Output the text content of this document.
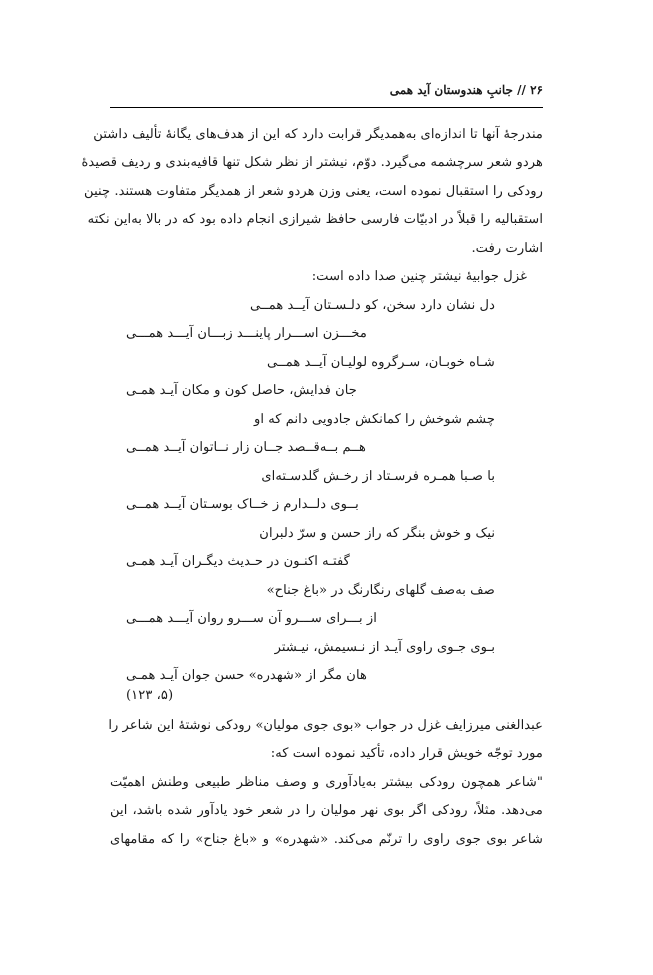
۲۶ // جانبِ هندوستان آید همی
مندرجهٔ آنها تا اندازه‌ای به‌همدیگر قرابت دارد که این از هدف‌های یگانهٔ تألیف داشتن
هردو شعر سرچشمه می‌گیرد. دوّم، نیشتر از نظر شکل تنها قافیه‌بندی و ردیف قصیدهٔ
رودکی را استقبال نموده است، یعنی وزن هردو شعر از همدیگر متفاوت هستند. چنین
استقبالیه را قبلاً در ادبیّات فارسی حافظ شیرازی انجام داده بود که در بالا به‌این نکته
اشارت رفت.
غزل جوابیهٔ نیشتر چنین صدا داده است:
دل نشان دارد سخن، کو دلـسـتان آیــد همــی
مخـــزن اســـرار پاینـــد زبـــان آیـــد همـــی
شـاه خوبـان، سـرگروه لولیـان آیــد همــی
جان فدایش، حاصل کون و مکان آیـد همـی
چشم شوخش را کمانکش جادویی دانم که او
هــم بــه‌قــصد جــان زار نــاتوان آیــد همــی
با صـبا همـره فرسـتاد از رخـش گلدسـته‌ای
بــوی دلــدارم ز خــاک بوسـتان آیــد همــی
نیک و خوش بنگر که راز حسن و سرّ دلبران
گفتـه اکنـون در حـدیث دیگـران آیـد همـی
صف به‌صف گلهای رنگارنگ در «باغ جناح»
از بـــرای ســـرو آن ســـرو روان آیـــد همـــی
بـوی جـوی راوی آیـد از نـسیمش، نیـشتر
هان مگر از «شهدره» حسن جوان آیـد همـی
(۵، ۱۲۳)
عبدالغنی میرزایف غزل در جواب «بوی جوی مولیان» رودکی نوشتهٔ این شاعر را
مورد توجّه خویش قرار داده، تأکید نموده است که:
"شاعر همچون رودکی بیشتر به‌یادآوری و وصف مناظر طبیعی وطنش اهمیّت
می‌دهد. مثلاً، رودکی اگر بوی نهر مولیان را در شعر خود یادآور شده باشد، این
شاعر بوی جوی راوی را ترنّم می‌کند. «شهدره» و «باغ جناح» را که مقامهای
